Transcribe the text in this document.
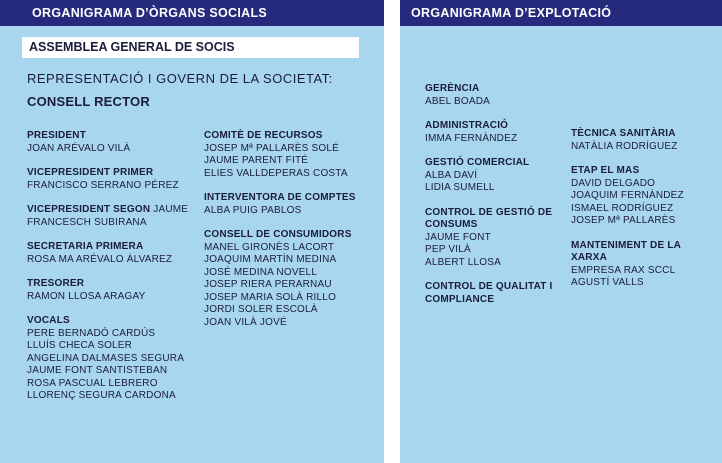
ORGANIGRAMA D’ÒRGANS SOCIALS
ASSEMBLEA GENERAL DE SOCIS
REPRESENTACIÓ I GOVERN DE LA SOCIETAT:
CONSELL RECTOR
PRESIDENT
JOAN ARÉVALO VILÀ
VICEPRESIDENT PRIMER
FRANCISCO SERRANO PÉREZ
VICEPRESIDENT SEGON JAUME
FRANCESCH SUBIRANA
SECRETARIA PRIMERA
ROSA MA ARÉVALO ÁLVAREZ
TRESORER
RAMON LLOSA ARAGAY
VOCALS
PERE BERNADÓ CARDÚS
LLUÍS CHECA SOLER
ANGELINA DALMASES SEGURA
JAUME FONT SANTISTEBAN
ROSA PASCUAL LEBRERO
LLORENÇ SEGURA CARDONA
COMITÈ DE RECURSOS
JOSEP Mª PALLARÈS SOLÉ
JAUME PARENT FITÉ
ELIES VALLDEPERAS COSTA
INTERVENTORA DE COMPTES
ALBA PUIG PABLOS
CONSELL DE CONSUMIDORS
MANEL GIRONÈS LACORT
JOAQUIM MARTÍN MEDINA
JOSÉ MEDINA NOVELL
JOSEP RIERA PERARNAU
JOSEP MARIA SOLÀ RILLO
JORDI SOLER ESCOLÀ
JOAN VILÀ JOVÉ
ORGANIGRAMA D’EXPLOTACIÓ
GERÈNCIA
ABEL BOADA
ADMINISTRACIÓ
IMMA FERNÀNDEZ
GESTIÓ COMERCIAL
ALBA DAVÍ
LIDIA SUMELL
CONTROL DE GESTIÓ DE CONSUMS
JAUME FONT
PEP VILÀ
ALBERT LLOSA
CONTROL DE QUALITAT I COMPLIANCE
TÈCNICA SANITÀRIA
NATÀLIA RODRÍGUEZ
ETAP EL MAS
DAVID DELGADO
JOAQUIM FERNÀNDEZ
ISMAEL RODRÍGUEZ
JOSEP Mª PALLARÈS
MANTENIMENT DE LA XARXA
EMPRESA RAX SCCL
AGUSTÍ VALLS
